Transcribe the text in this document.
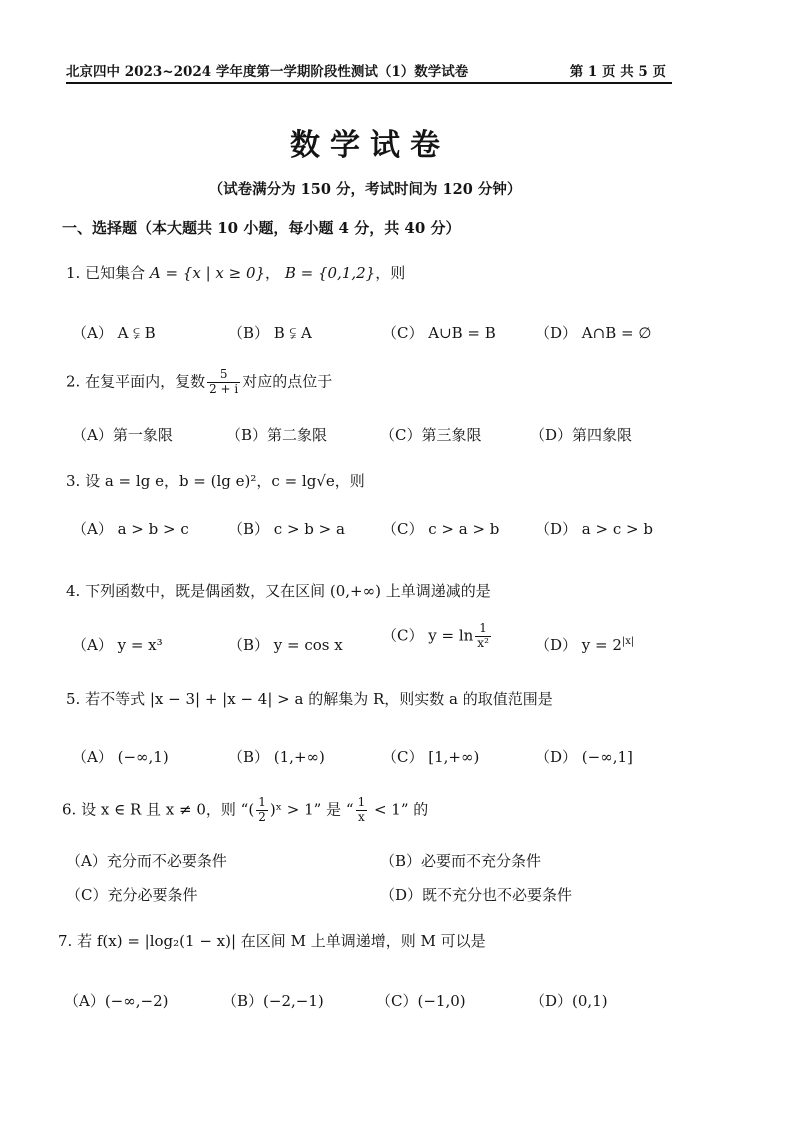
北京四中 2023~2024 学年度第一学期阶段性测试（1）数学试卷	第 1 页 共 5 页
数学试卷
（试卷满分为 150 分，考试时间为 120 分钟）
一、选择题（本大题共 10 小题，每小题 4 分，共 40 分）
1. 已知集合 A = {x | x ≥ 0}， B = {0,1,2}，则
（A） A ⫋ B	（B） B ⫋ A	（C） A∪B = B	（D） A∩B = ∅
2. 在复平面内，复数 $\frac{5}{2 + i}$ 对应的点位于
（A）第一象限	（B）第二象限	（C）第三象限	（D）第四象限
3. 设 a = lg e，b = (lg e)²，c = lg√e，则
（A） a > b > c	（B） c > b > a （C） c > a > b （D） a > c > b
4. 下列函数中，既是偶函数，又在区间 (0,+∞) 上单调递减的是
（A） y = x³	（B） y = cos x
（C） $y = \ln \frac{1}{\text{x²}}$	（D） $y = 2^{|x|}$
5. 若不等式 |x − 3| + |x − 4| > a 的解集为 R，则实数 a 的取值范围是
（A） (−∞,1)	（B） (1,+∞)	（C） [1,+∞)	（D） (−∞,1]
6. 设 x ∈ R 且 x ≠ 0，则 “( $\frac{1}{2}$ )ˣ > 1” 是 “ $\frac{1}{x} < 1$” 的
（A）充分而不必要条件	（B）必要而不充分条件
（C）充分必要条件	（D）既不充分也不必要条件
7. 若 f(x) = |log₂(1 − x)| 在区间 M 上单调递增，则 M 可以是
（A）(−∞,−2)	（B）(−2,−1)	（C）(−1,0)	（D）(0,1)
